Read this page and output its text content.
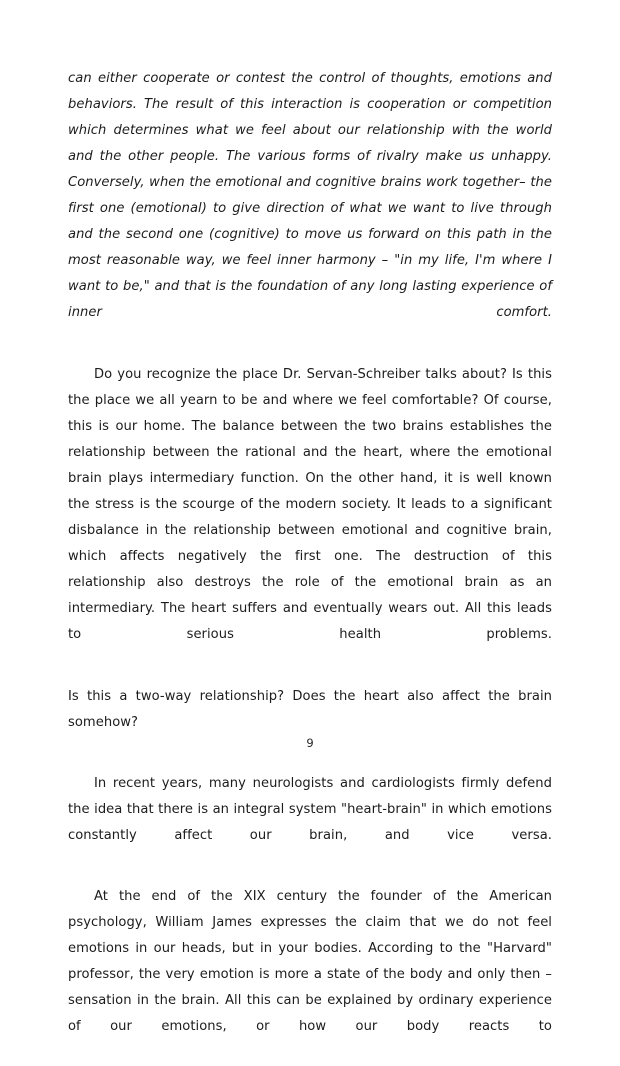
can either cooperate or contest the control of thoughts, emotions and behaviors. The result of this interaction is cooperation or competition which determines what we feel about our relationship with the world and the other people. The various forms of rivalry make us unhappy. Conversely, when the emotional and cognitive brains work together– the first one (emotional) to give direction of what we want to live through and the second one (cognitive) to move us forward on this path in the most reasonable way, we feel inner harmony – "in my life, I'm where I want to be," and that is the foundation of any long lasting experience of inner comfort.

Do you recognize the place Dr. Servan-Schreiber talks about? Is this the place we all yearn to be and where we feel comfortable? Of course, this is our home. The balance between the two brains establishes the relationship between the rational and the heart, where the emotional brain plays intermediary function. On the other hand, it is well known the stress is the scourge of the modern society. It leads to a significant disbalance in the relationship between emotional and cognitive brain, which affects negatively the first one. The destruction of this relationship also destroys the role of the emotional brain as an intermediary. The heart suffers and eventually wears out. All this leads to serious health problems.

Is this a two-way relationship? Does the heart also affect the brain somehow?

In recent years, many neurologists and cardiologists firmly defend the idea that there is an integral system "heart-brain" in which emotions constantly affect our brain, and vice versa.

At the end of the XIX century the founder of the American psychology, William James expresses the claim that we do not feel emotions in our heads, but in your bodies. According to the "Harvard" professor, the very emotion is more a state of the body and only then – sensation in the brain. All this can be explained by ordinary experience of our emotions, or how our body reacts to

9
